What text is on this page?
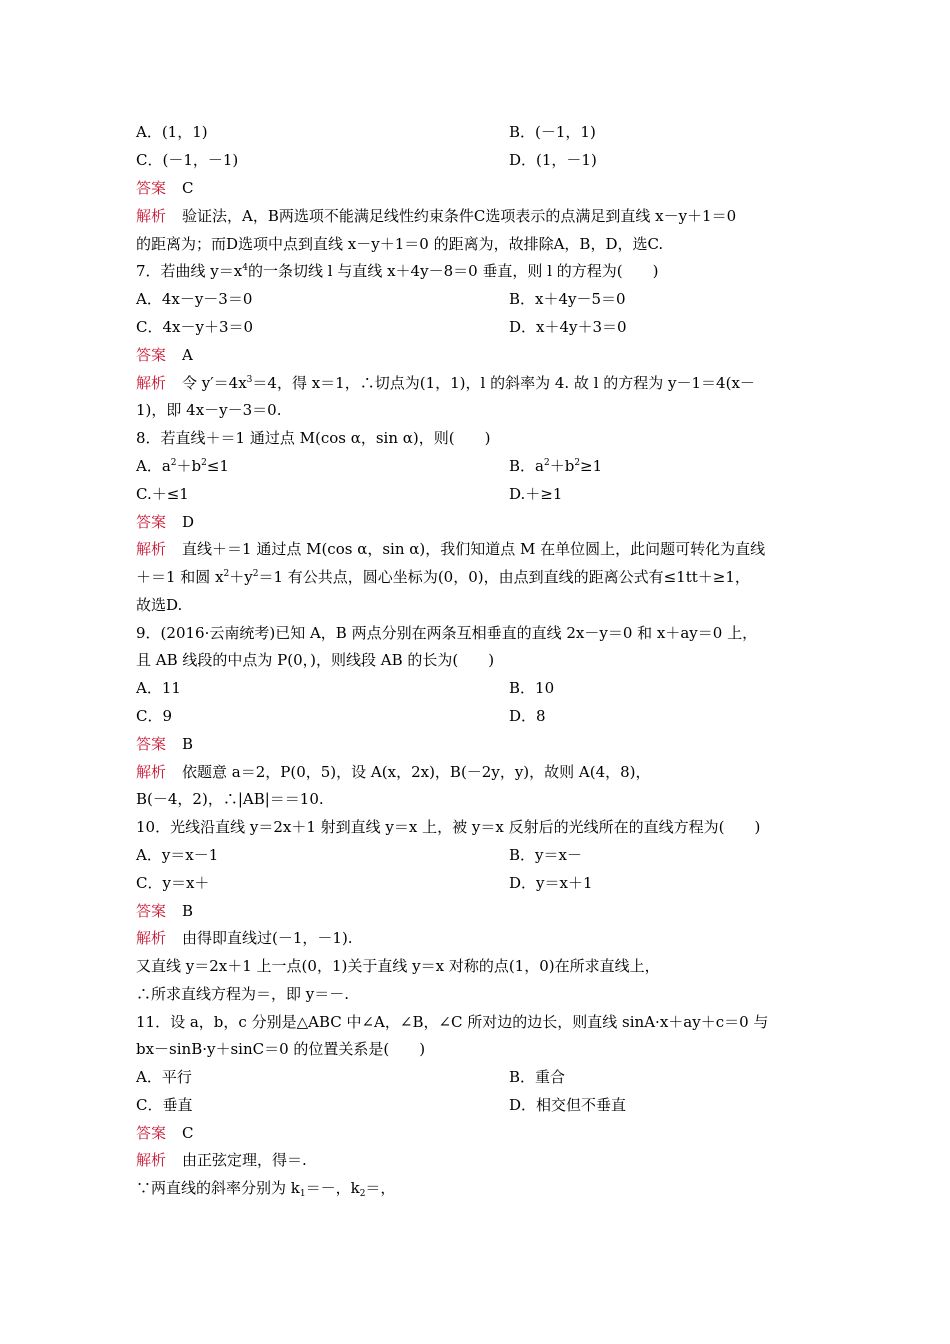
A．(1，1)	B．(－1，1)
C．(－1，－1)	D．(1，－1)
答案 C
解析 验证法，A，B两选项不能满足线性约束条件C选项表示的点满足到直线 x－y＋1＝0
的距离为；而D选项中点到直线 x－y＋1＝0 的距离为，故排除A，B，D，选C.
7．若曲线 $y=x^4$的一条切线 l 与直线 x＋4y－8＝0 垂直，则 l 的方程为(　　)
A．4x－y－3＝0	B．x＋4y－5＝0
C．4x－y＋3＝0	D．x＋4y＋3＝0
答案 A
解析 令 $y'=4x^3=4$，得 x＝1，∴切点为(1，1)，l 的斜率为 4. 故 l 的方程为 y－1＝4(x－
1)，即 4x－y－3＝0.
8．若直线＋＝1 通过点 M(cos α，sin α)，则(　　)
A．$a^2+b^2\le 1$	B．$a^2+b^2\ge 1$
C.＋≤1	D.＋≥1
答案 D
解析 直线＋＝1 通过点 M(cos α，sin α)，我们知道点 M 在单位圆上，此问题可转化为直线
＋＝1 和圆 $x^2+y^2=1$ 有公共点，圆心坐标为(0，0)，由点到直线的距离公式有≤1tt＋≥1，
故选D.
9．(2016·云南统考)已知 A，B 两点分别在两条互相垂直的直线 2x－y＝0 和 x＋ay＝0 上，
且 AB 线段的中点为 P(0，)，则线段 AB 的长为(　　)
A．11	B．10
C．9	D．8
答案 B
解析 依题意 a＝2，P(0，5)，设 A(x，2x)，B(－2y，y)，故则 A(4，8)，
B(－4，2)，∴|AB|＝＝10.
10．光线沿直线 y＝2x＋1 射到直线 y＝x 上，被 y＝x 反射后的光线所在的直线方程为(　　)
A．y＝x－1	B．y＝x－
C．y＝x＋	D．y＝x＋1
答案 B
解析 由得即直线过(－1，－1).
又直线 y＝2x＋1 上一点(0，1)关于直线 y＝x 对称的点(1，0)在所求直线上，
∴所求直线方程为＝，即 y＝－.
11．设 a，b，c 分别是△ABC 中∠A，∠B，∠C 所对边的边长，则直线 sinA·x＋ay＋c＝0 与
bx－sinB·y＋sinC＝0 的位置关系是(　　)
A．平行	B．重合
C．垂直	D．相交但不垂直
答案 C
解析 由正弦定理，得＝.
∵两直线的斜率分别为 $k_1=-$，$k_2=$，
